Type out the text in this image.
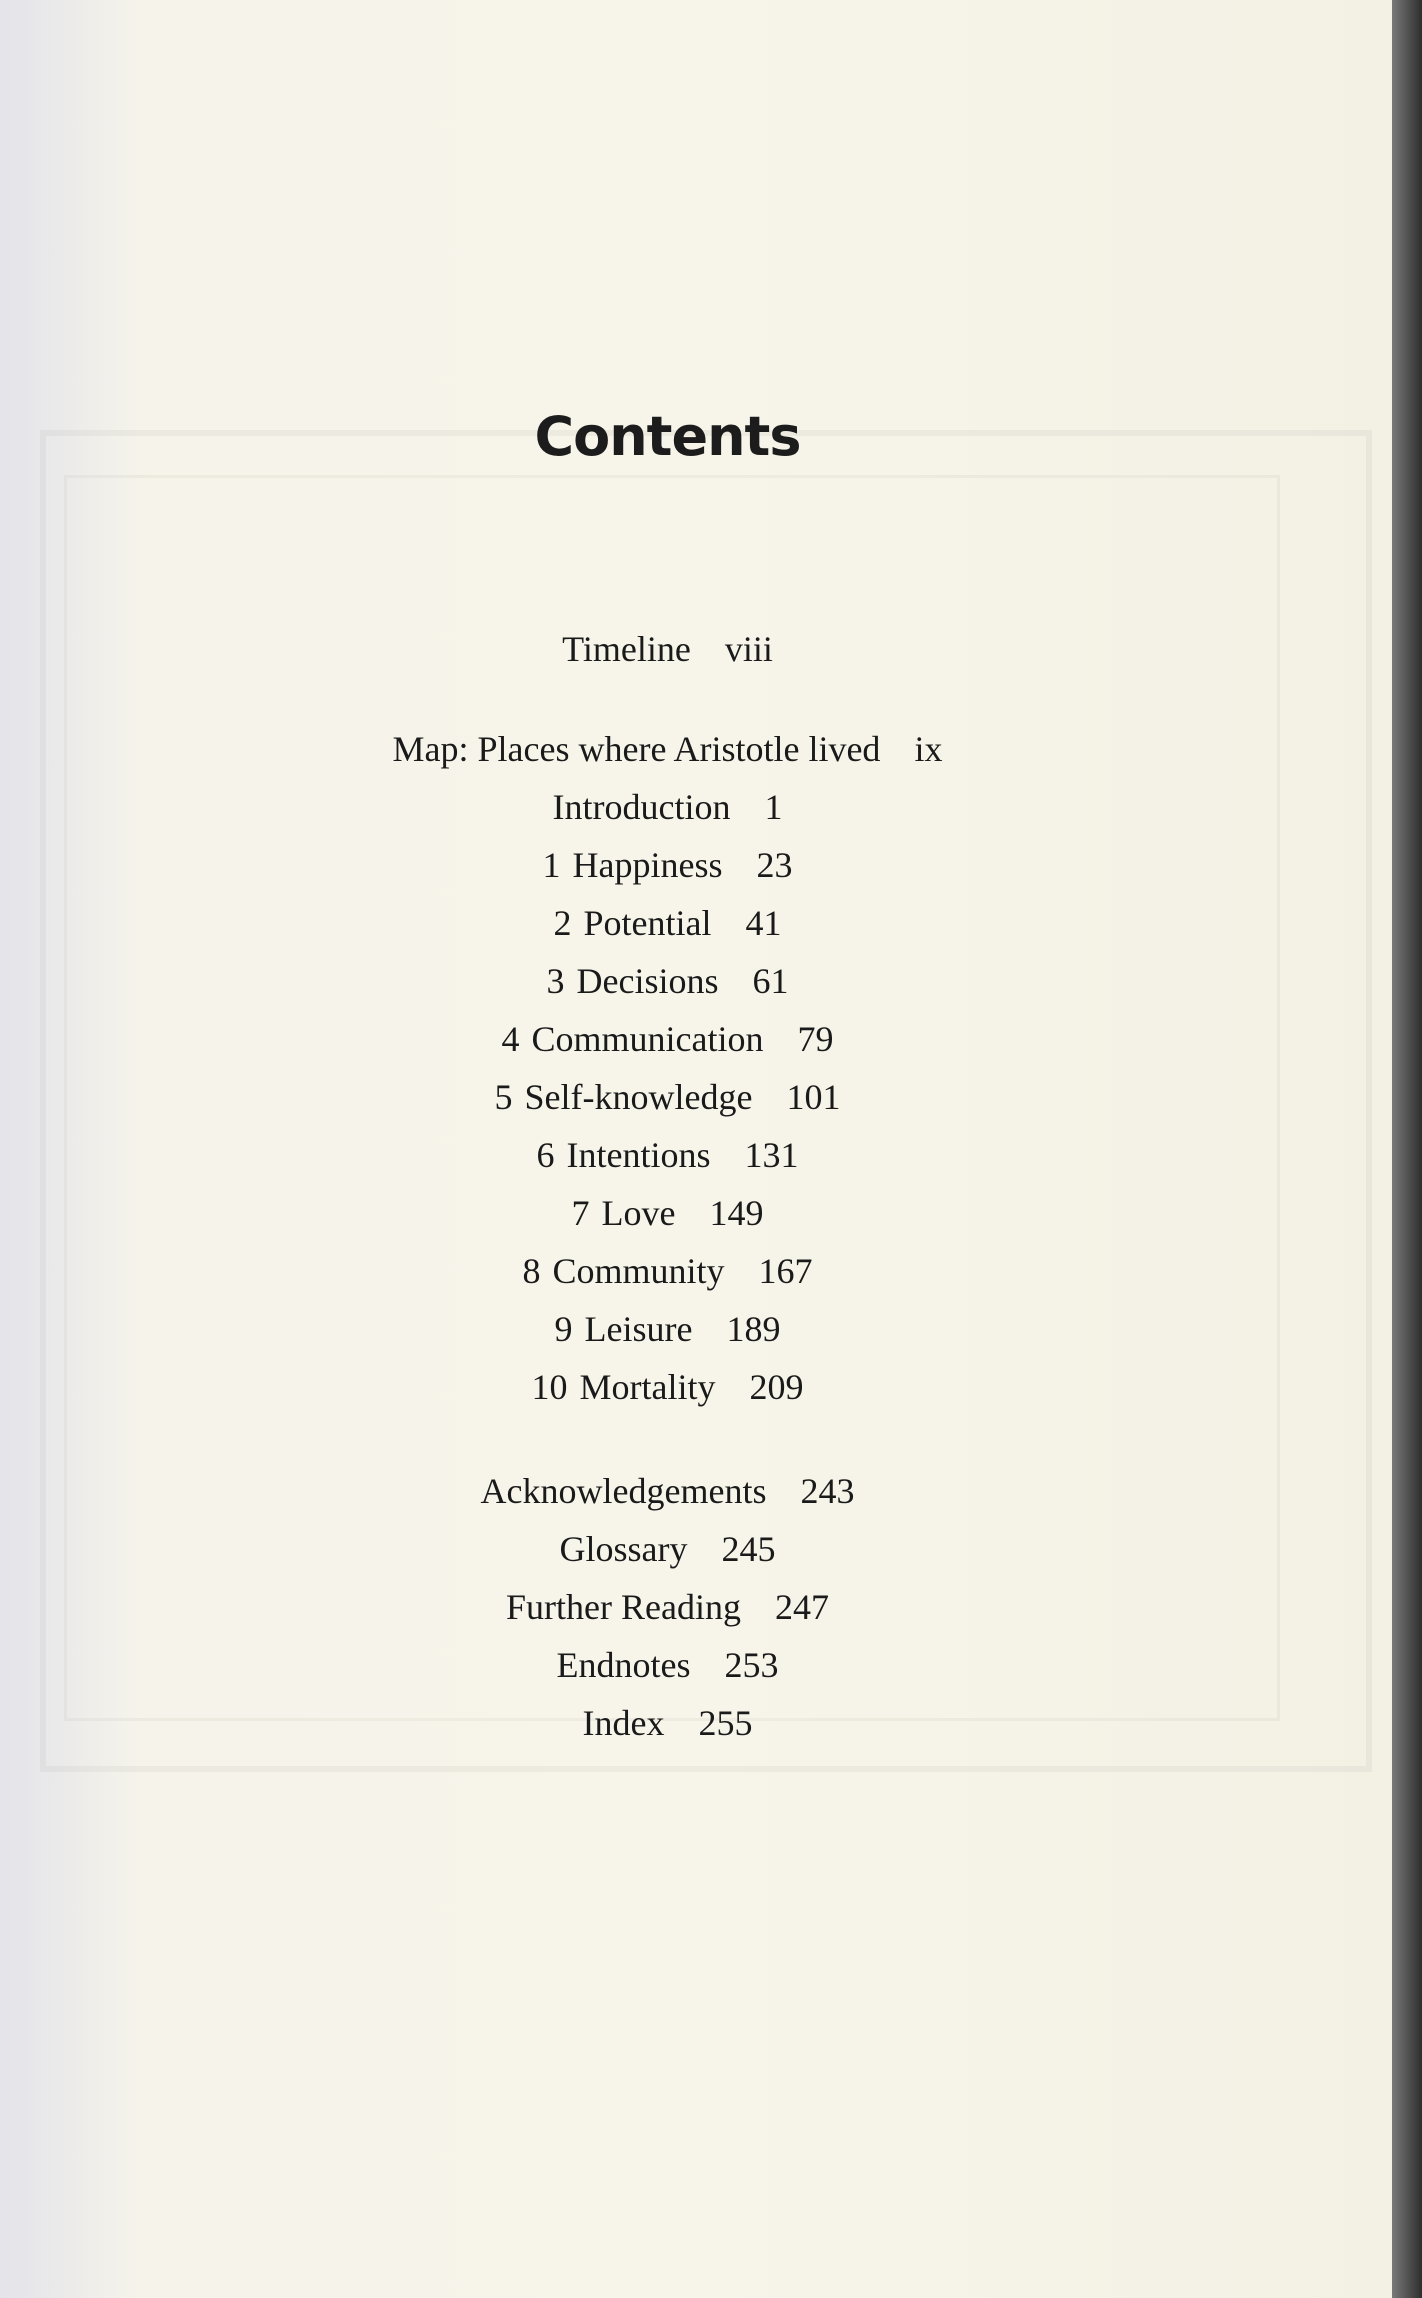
Contents
Timeline viii
Map: Places where Aristotle lived ix
Introduction 1
1 Happiness 23
2 Potential 41
3 Decisions 61
4 Communication 79
5 Self-knowledge 101
6 Intentions 131
7 Love 149
8 Community 167
9 Leisure 189
10 Mortality 209
Acknowledgements 243
Glossary 245
Further Reading 247
Endnotes 253
Index 255
